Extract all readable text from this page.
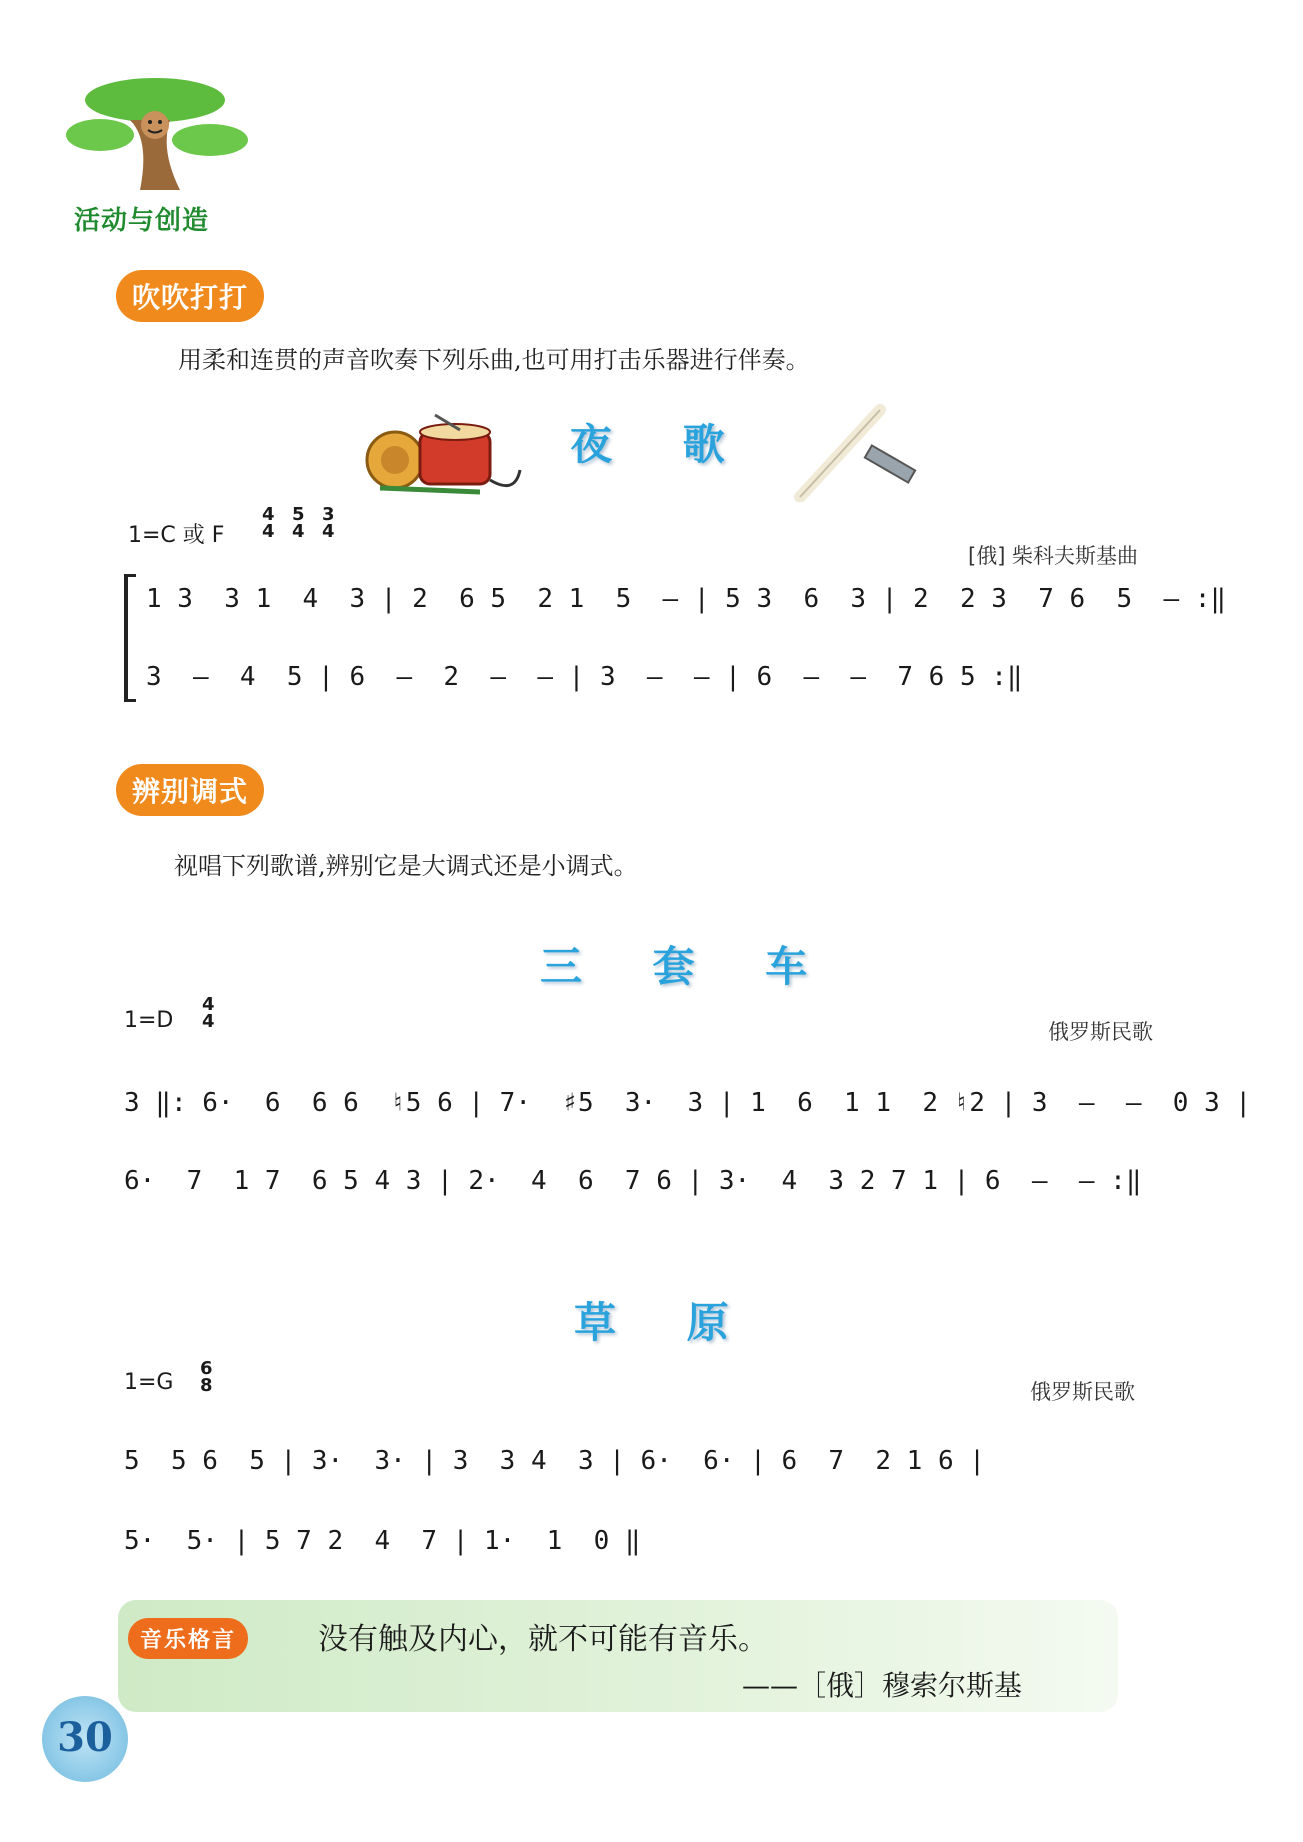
活动与创造
吹吹打打
用柔和连贯的声音吹奏下列乐曲,也可用打击乐器进行伴奏。
夜 歌
1=C 或 F
4
4
5
4
3
4
[俄] 柴科夫斯基曲
1 3  3 1  4  3 | 2  6 5  2 1  5  – | 5 3  6  3 | 2  2 3  7 6  5  – :‖
3  –  4  5 | 6  –  2  –  – | 3  –  – | 6  –  –  7 6 5 :‖
辨别调式
视唱下列歌谱,辨别它是大调式还是小调式。
三 套 车
1=D
4
4	俄罗斯民歌
3 ‖: 6·  6  6 6  ♮5 6 | 7·  ♯5  3·  3 | 1  6  1 1  2 ♮2 | 3  –  –  0 3 |
6·  7  1 7  6 5 4 3 | 2·  4  6  7 6 | 3·  4  3 2 7 1 | 6  –  – :‖
草 原
1=G
6
8	俄罗斯民歌
5  5 6  5 | 3·  3· | 3  3 4  3 | 6·  6· | 6  7  2 1 6 |
5·  5· | 5 7 2  4  7 | 1·  1  0 ‖
音乐格言	没有触及内心，就不可能有音乐。
——［俄］穆索尔斯基
30
